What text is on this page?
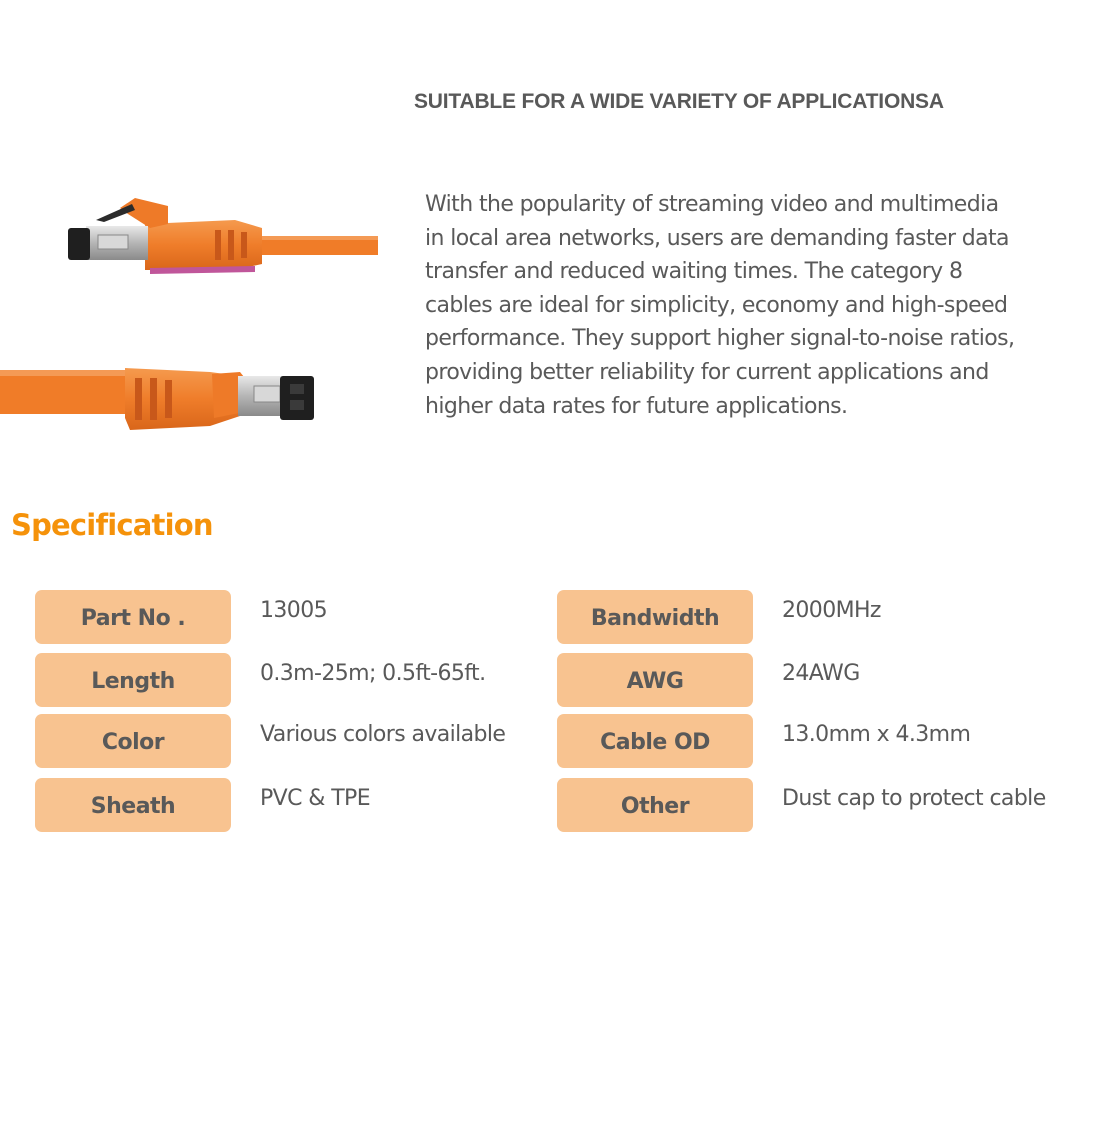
SUITABLE FOR A WIDE VARIETY OF APPLICATIONSA
With the popularity of streaming video and multimedia
in local area networks, users are demanding faster data
transfer and reduced waiting times. The category 8
cables are ideal for simplicity, economy and high-speed
performance. They support higher signal-to-noise ratios,
providing better reliability for current applications and
higher data rates for future applications.
Specification
Part No .	13005
Length	0.3m-25m; 0.5ft-65ft.
Color	Various colors available
Sheath	PVC & TPE
Bandwidth	2000MHz
AWG	24AWG
Cable OD	13.0mm x 4.3mm
Other	Dust cap to protect cable
